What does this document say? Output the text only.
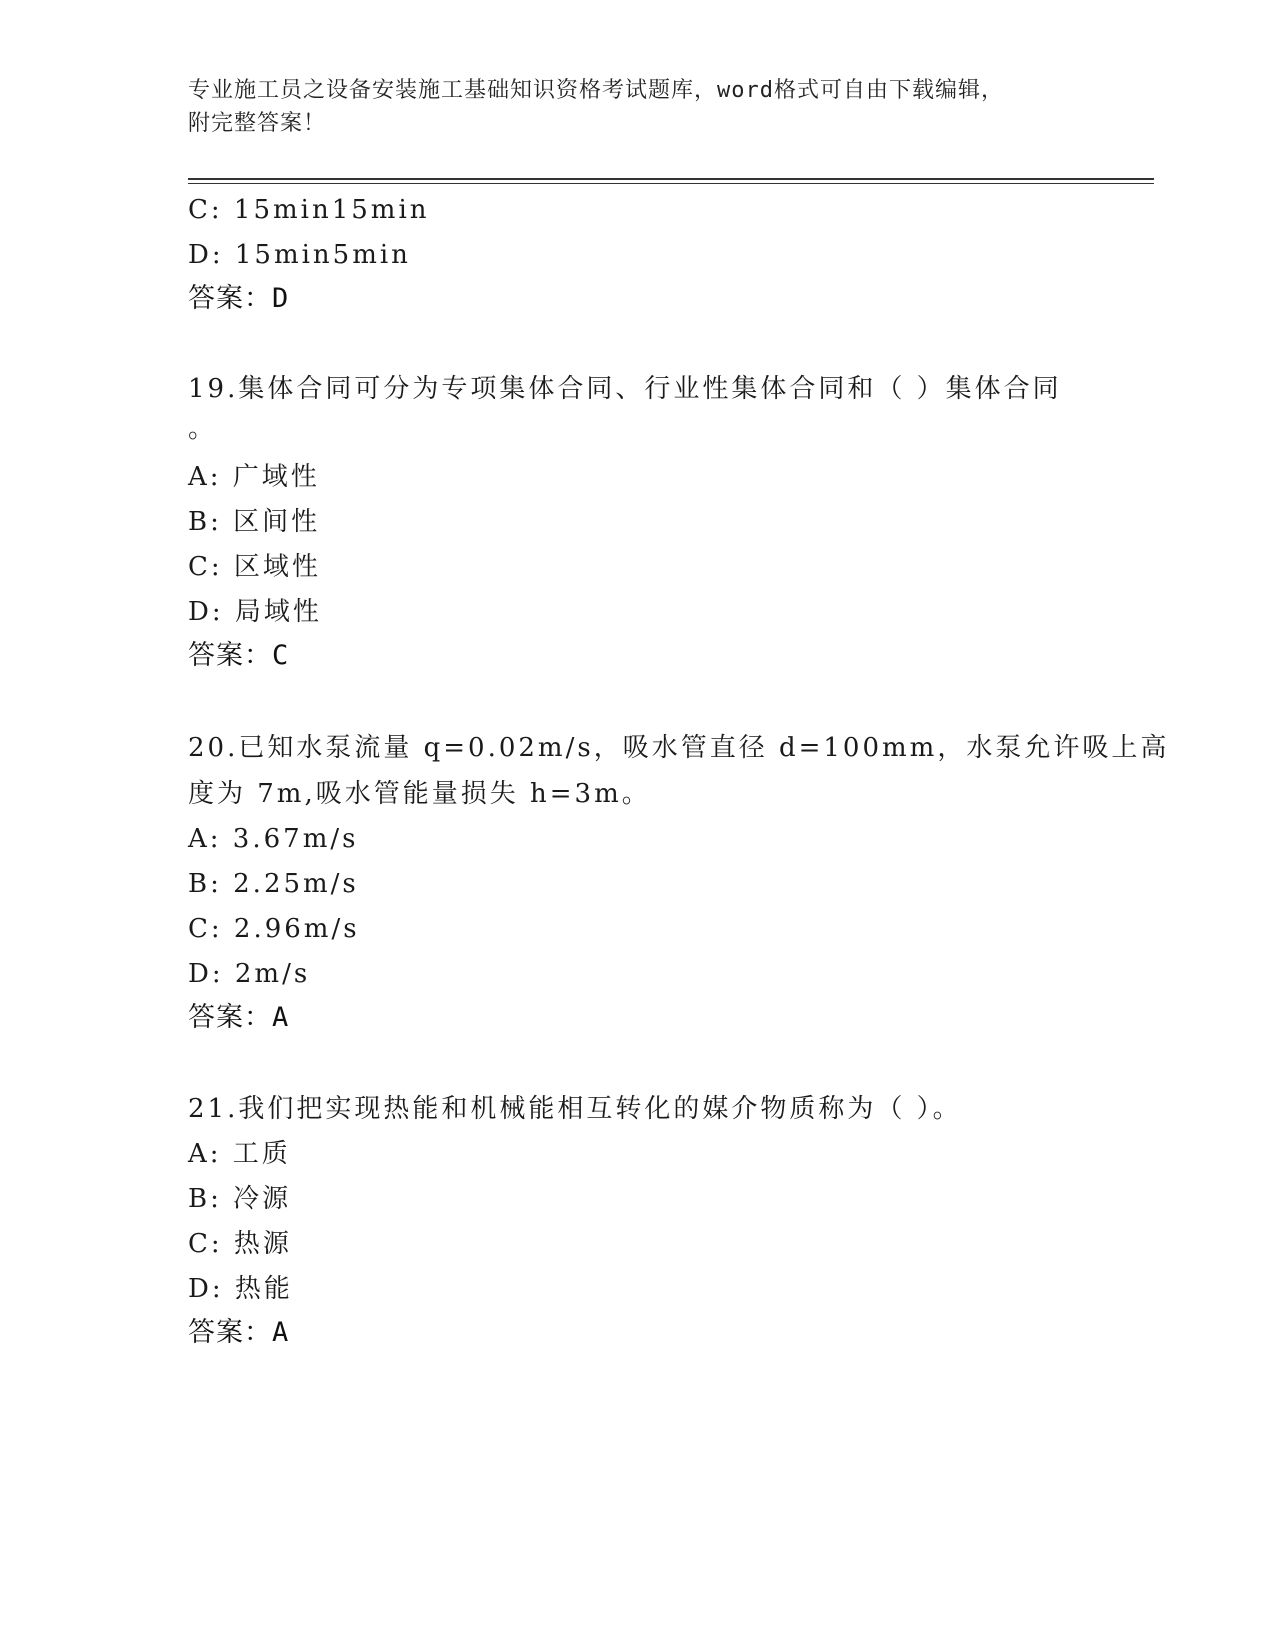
专业施工员之设备安装施工基础知识资格考试题库，word格式可自由下载编辑，
附完整答案！
C: 15min15min
D: 15min5min
答案：D
19.集体合同可分为专项集体合同、行业性集体合同和（ ）集体合同
。
A: 广域性
B: 区间性
C: 区域性
D: 局域性
答案：C
20.已知水泵流量 q=0.02m/s，吸水管直径 d=100mm，水泵允许吸上高
度为 7m,吸水管能量损失 h=3m。
A: 3.67m/s
B: 2.25m/s
C: 2.96m/s
D: 2m/s
答案：A
21.我们把实现热能和机械能相互转化的媒介物质称为（ ）。
A: 工质
B: 冷源
C: 热源
D: 热能
答案：A
